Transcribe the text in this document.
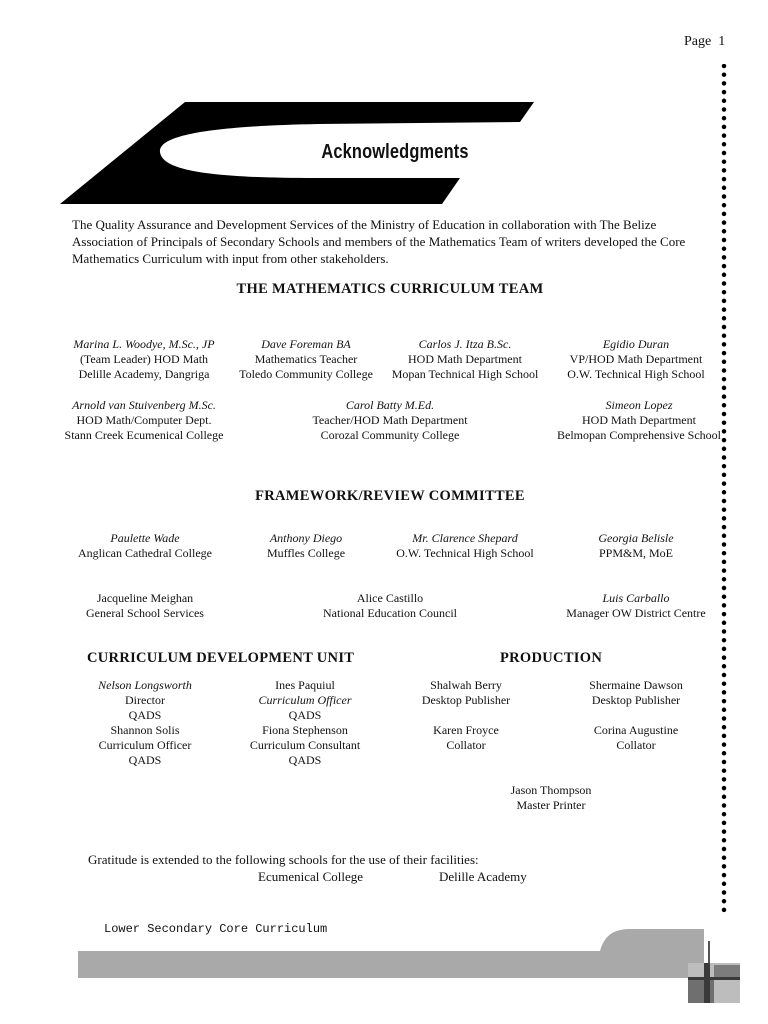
Page 1
Acknowledgments
The Quality Assurance and Development Services of the Ministry of Education in collaboration with The Belize Association of Principals of Secondary Schools and members of the Mathematics Team of writers developed the Core Mathematics Curriculum with input from other stakeholders.
THE MATHEMATICS CURRICULUM TEAM
Marina L. Woodye, M.Sc., JP
(Team Leader) HOD Math
Delille Academy, Dangriga
Dave Foreman BA
Mathematics Teacher
Toledo Community College
Carlos J. Itza B.Sc.
HOD Math Department
Mopan Technical High School
Egidio Duran
VP/HOD Math Department
O.W. Technical High School
Arnold van Stuivenberg M.Sc.
HOD Math/Computer Dept.
Stann Creek Ecumenical College
Carol Batty M.Ed.
Teacher/HOD Math Department
Corozal Community College
Simeon Lopez
HOD Math Department
Belmopan Comprehensive School
FRAMEWORK/REVIEW COMMITTEE
Paulette Wade
Anglican Cathedral College
Anthony Diego
Muffles College
Mr. Clarence Shepard
O.W. Technical High School
Georgia Belisle
PPM&M, MoE
Jacqueline Meighan
General School Services
Alice Castillo
National Education Council
Luis Carballo
Manager OW District Centre
CURRICULUM DEVELOPMENT UNIT
Nelson Longsworth
Director
QADS
Shannon Solis
Curriculum Officer
QADS
Ines Paquiul
Curriculum Officer
QADS
Fiona Stephenson
Curriculum Consultant
QADS
PRODUCTION
Shalwah Berry
Desktop Publisher
Karen Froyce
Collator
Shermaine Dawson
Desktop Publisher
Corina Augustine
Collator
Jason Thompson
Master Printer
Gratitude is extended to the following schools for the use of their facilities:
Ecumenical College	Delille Academy
Lower Secondary Core Curriculum
